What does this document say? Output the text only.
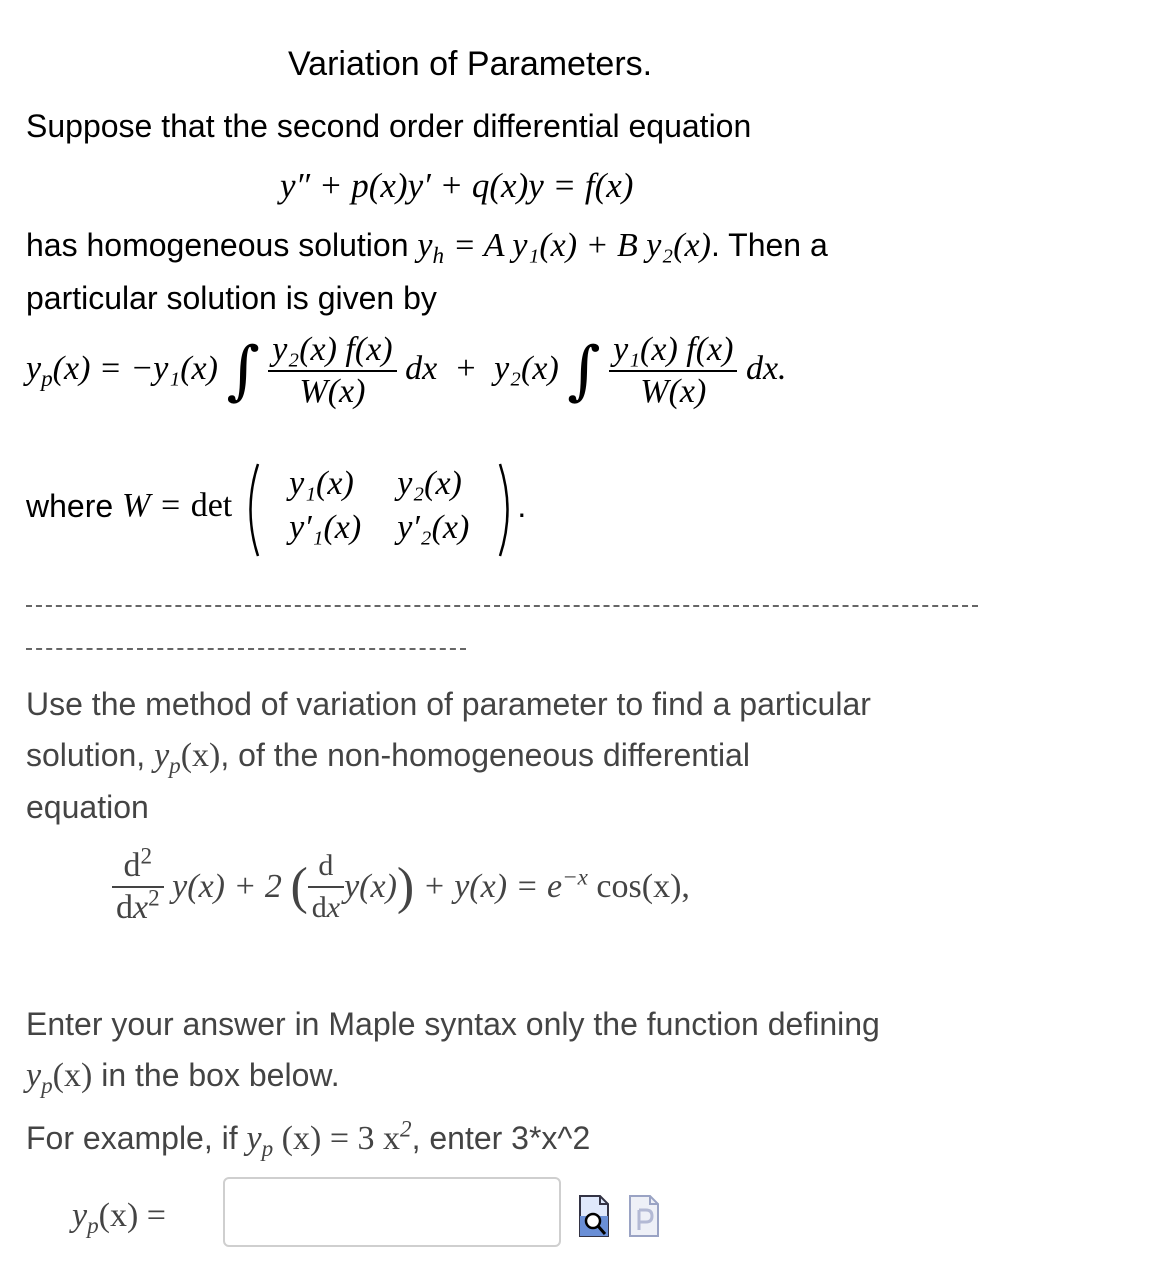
Variation of Parameters.
Suppose that the second order differential equation
y″ + p(x)y′ + q(x)y = f(x)
has homogeneous solution $y_h = A$ y₁(x) + B y₂(x). Then a
particular solution is given by
$y_p(x) = -y_1(x)$ ∫ $\frac{\text{y₂(x) f(x)}}{W(x)}$ dx  +  y₂(x) ∫ $\frac{\text{y₁(x) f(x)}}{W(x)}$ dx.
where W = det
y₁(x)	y₂(x)
y′₁(x)	y′₂(x)
.
Use the method of variation of parameter to find a particular
solution, $y_p(x)$, of the non-homogeneous differential
equation
$\frac{d^2}{dx^2} y(x) + 2$ ( $\frac{d}{dx} y(x)) + y(x) = e^{-x}$ cos(x),
Enter your answer in Maple syntax only the function defining
$y_p(x)$ in the box below.
For example, if $y_p$ (x) = 3 $x^2$, enter 3*x^2
$y_p(x)$ =
